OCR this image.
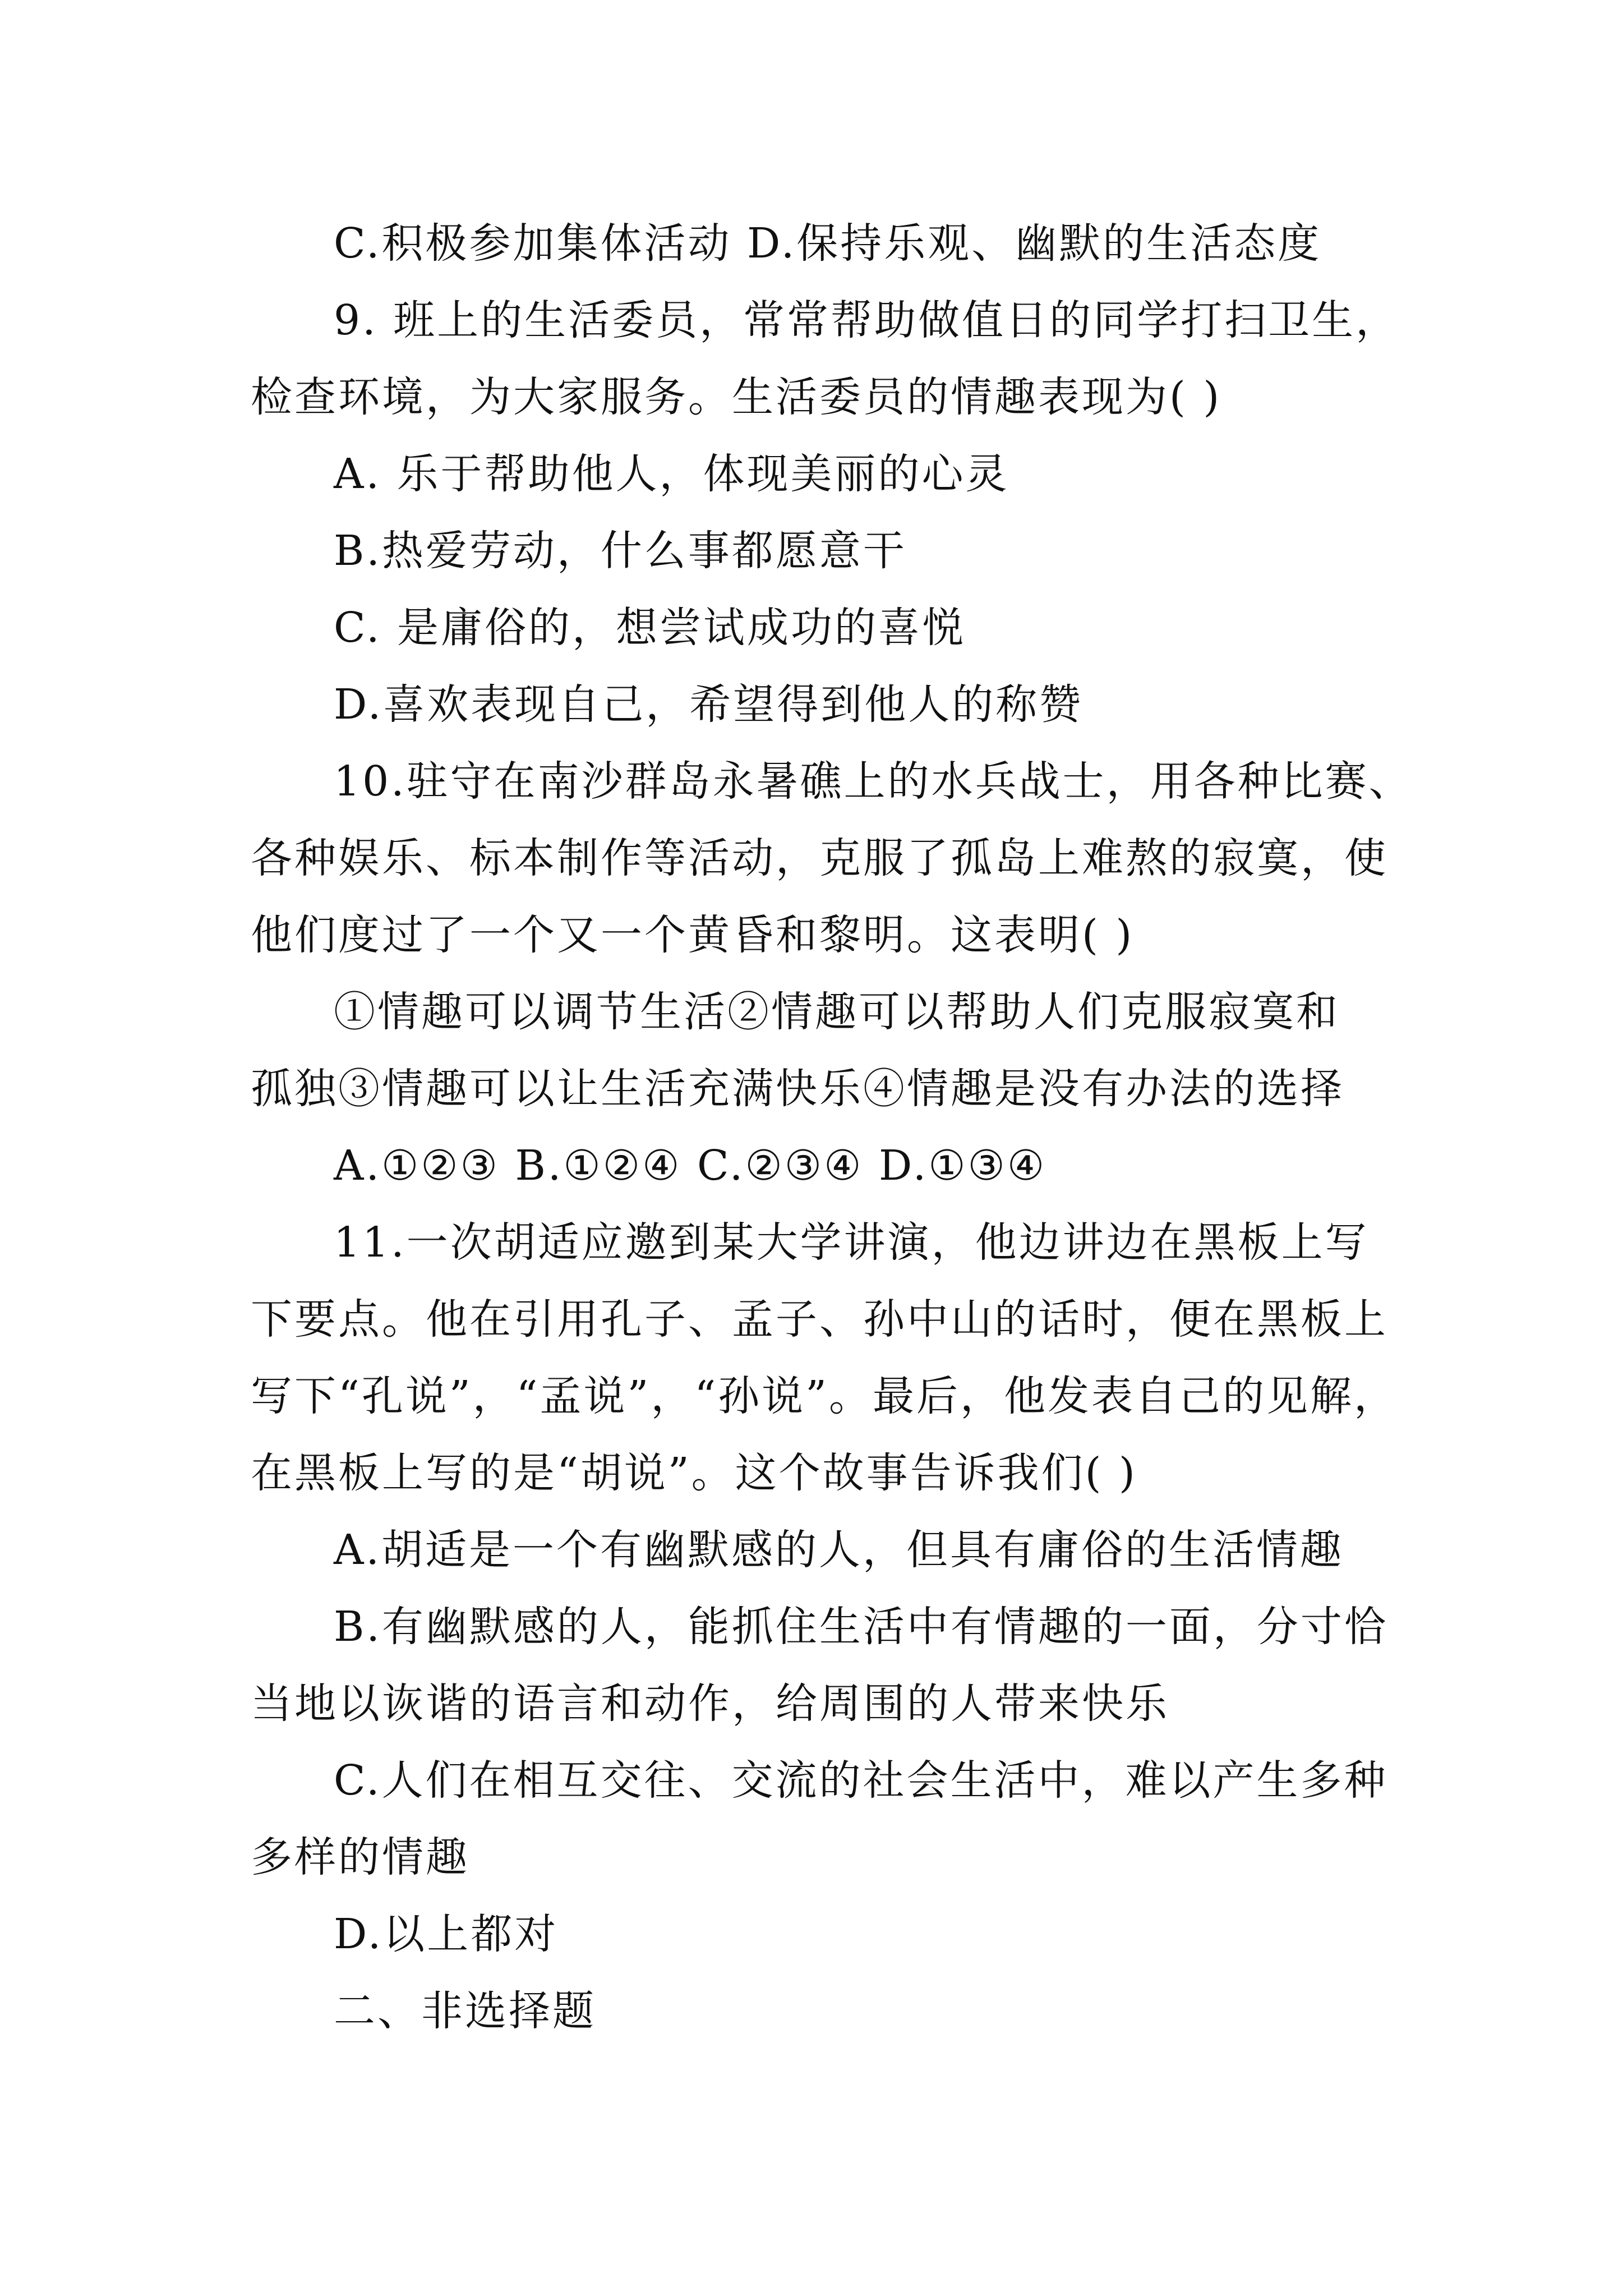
C.积极参加集体活动 D.保持乐观、幽默的生活态度
9. 班上的生活委员，常常帮助做值日的同学打扫卫生，
检查环境，为大家服务。生活委员的情趣表现为( )
A. 乐于帮助他人，体现美丽的心灵
B.热爱劳动，什么事都愿意干
C. 是庸俗的，想尝试成功的喜悦
D.喜欢表现自己，希望得到他人的称赞
10.驻守在南沙群岛永暑礁上的水兵战士，用各种比赛、
各种娱乐、标本制作等活动，克服了孤岛上难熬的寂寞，使
他们度过了一个又一个黄昏和黎明。这表明( )
①情趣可以调节生活②情趣可以帮助人们克服寂寞和
孤独③情趣可以让生活充满快乐④情趣是没有办法的选择
A.①②③ B.①②④ C.②③④ D.①③④
11.一次胡适应邀到某大学讲演，他边讲边在黑板上写
下要点。他在引用孔子、孟子、孙中山的话时，便在黑板上
写下“孔说”，“孟说”，“孙说”。最后，他发表自己的见解，
在黑板上写的是“胡说”。这个故事告诉我们( )
A.胡适是一个有幽默感的人，但具有庸俗的生活情趣
B.有幽默感的人，能抓住生活中有情趣的一面，分寸恰
当地以诙谐的语言和动作，给周围的人带来快乐
C.人们在相互交往、交流的社会生活中，难以产生多种
多样的情趣
D.以上都对
二、非选择题
